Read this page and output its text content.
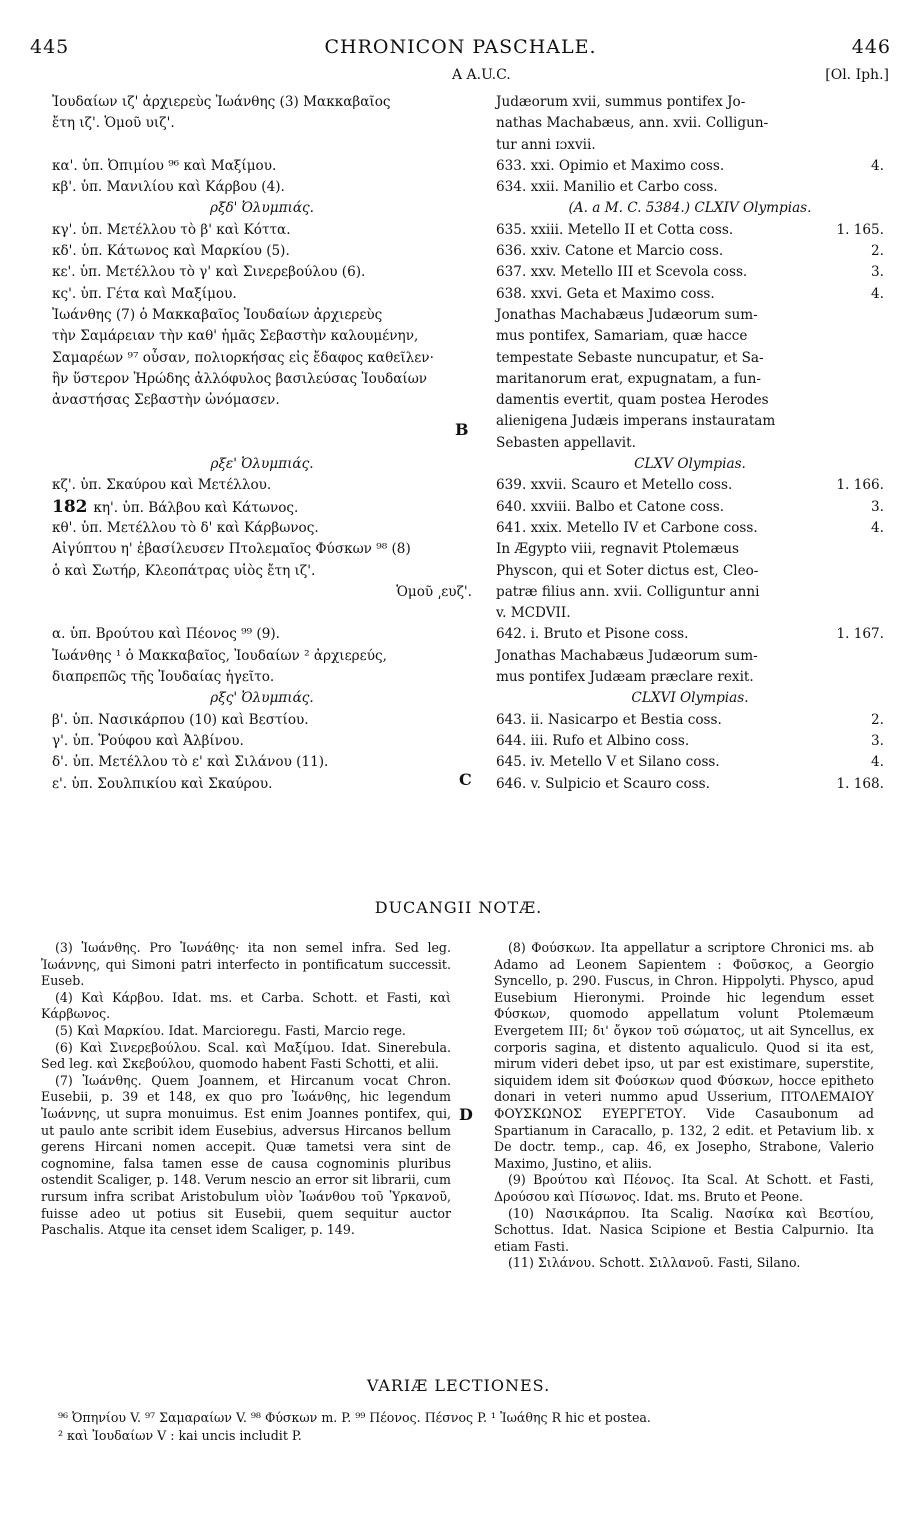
445	CHRONICON PASCHALE.	446
A A.U.C.	[Ol. Iph.]
Ἰουδαίων ιζ' ἀρχιερεὺς Ἰωάνθης (3) Μακκαβαῖος
ἔτη ιζ'. Ὁμοῦ υιζ'.
κα'. ὑπ. Ὀπιμίου ⁹⁶ καὶ Μαξίμου.
κβ'. ὑπ. Μανιλίου καὶ Κάρβου (4).
ρξδ' Ὀλυμπιάς.
κγ'. ὑπ. Μετέλλου τὸ β' καὶ Κόττα.
κδ'. ὑπ. Κάτωνος καὶ Μαρκίου (5).
κε'. ὑπ. Μετέλλου τὸ γ' καὶ Σινερεβούλου (6).
κς'. ὑπ. Γέτα καὶ Μαξίμου.
Ἰωάνθης (7) ὁ Μακκαβαῖος Ἰουδαίων ἀρχιερεὺς
τὴν Σαμάρειαν τὴν καθ' ἡμᾶς Σεβαστὴν καλουμένην,
Σαμαρέων ⁹⁷ οὖσαν, πολιορκήσας εἰς ἔδαφος καθεῖλεν·
ἣν ὕστερον Ἡρώδης ἀλλόφυλος βασιλεύσας Ἰουδαίων
ἀναστήσας Σεβαστὴν ὠνόμασεν.
ρξε' Ὀλυμπιάς.
κζ'. ὑπ. Σκαύρου καὶ Μετέλλου.
182 κη'. ὑπ. Βάλβου καὶ Κάτωνος.
κθ'. ὑπ. Μετέλλου τὸ δ' καὶ Κάρβωνος.
Αἰγύπτου η' ἐβασίλευσεν Πτολεμαῖος Φύσκων ⁹⁸ (8)
ὁ καὶ Σωτήρ, Κλεοπάτρας υἱὸς ἔτη ιζ'.
Ὁμοῦ ͵ευζ'.
α. ὑπ. Βρούτου καὶ Πέονος ⁹⁹ (9).
Ἰωάνθης ¹ ὁ Μακκαβαῖος, Ἰουδαίων ² ἀρχιερεύς,
διαπρεπῶς τῆς Ἰουδαίας ἡγεῖτο.
ρξς' Ὀλυμπιάς.
β'. ὑπ. Νασικάρπου (10) καὶ Βεστίου.
γ'. ὑπ. Ῥούφου καὶ Ἀλβίνου.
δ'. ὑπ. Μετέλλου τὸ ε' καὶ Σιλάνου (11).
ε'. ὑπ. Σουλπικίου καὶ Σκαύρου.
Judæorum xvii, summus pontifex Jo-
nathas Machabæus, ann. xvii. Colligun-
tur anni ɪɔxvii.
633. xxi. Opimio et Maximo coss.	4.
634. xxii. Manilio et Carbo coss.
(A. a M. C. 5384.) CLXIV Olympias.
635. xxiii. Metello II et Cotta coss.	1. 165.
636. xxiv. Catone et Marcio coss.	2.
637. xxv. Metello III et Scevola coss.	3.
638. xxvi. Geta et Maximo coss.	4.
Jonathas Machabæus Judæorum sum-
mus pontifex, Samariam, quæ hacce
tempestate Sebaste nuncupatur, et Sa-
maritanorum erat, expugnatam, a fun-
damentis evertit, quam postea Herodes
alienigena Judæis imperans instauratam
Sebasten appellavit.
CLXV Olympias.
639. xxvii. Scauro et Metello coss.	1. 166.
640. xxviii. Balbo et Catone coss.	3.
641. xxix. Metello IV et Carbone coss.	4.
In Ægypto viii, regnavit Ptolemæus
Physcon, qui et Soter dictus est, Cleo-
patræ filius ann. xvii. Colliguntur anni
v. MCDVII.
642. i. Bruto et Pisone coss.	1. 167.
Jonathas Machabæus Judæorum sum-
mus pontifex Judæam præclare rexit.
CLXVI Olympias.
643. ii. Nasicarpo et Bestia coss.	2.
644. iii. Rufo et Albino coss.	3.
645. iv. Metello V et Silano coss.	4.
646. v. Sulpicio et Scauro coss.	1. 168.
B
C
D
DUCANGII NOTÆ.

(3) Ἰωάνθης. Pro Ἰωνάθης· ita non semel infra. Sed leg. Ἰωάννης, qui Simoni patri interfecto in pontificatum successit. Euseb.

(4) Καὶ Κάρβου. Idat. ms. et Carba. Schott. et Fasti, καὶ Κάρβωνος.

(5) Καὶ Μαρκίου. Idat. Marcioregu. Fasti, Marcio rege.

(6) Καὶ Σινερεβούλου. Scal. καὶ Μαξίμου. Idat. Sinerebula. Sed leg. καὶ Σκεβούλου, quomodo habent Fasti Schotti, et alii.

(7) Ἰωάνθης. Quem Joannem, et Hircanum vocat Chron. Eusebii, p. 39 et 148, ex quo pro Ἰωάνθης, hic legendum Ἰωάννης, ut supra monuimus. Est enim Joannes pontifex, qui, ut paulo ante scribit idem Eusebius, adversus Hircanos bellum gerens Hircani nomen accepit. Quæ tametsi vera sint de cognomine, falsa tamen esse de causa cognominis pluribus ostendit Scaliger, p. 148. Verum nescio an error sit librarii, cum rursum infra scribat Aristobulum υἱὸν Ἰωάνθου τοῦ Ὑρκανοῦ, fuisse adeo ut potius sit Eusebii, quem sequitur auctor Paschalis. Atque ita censet idem Scaliger, p. 149.

(8) Φούσκων. Ita appellatur a scriptore Chronici ms. ab Adamo ad Leonem Sapientem : Φοῦσκος, a Georgio Syncello, p. 290. Fuscus, in Chron. Hippolyti. Physco, apud Eusebium Hieronymi. Proinde hic legendum esset Φύσκων, quomodo appellatum volunt Ptolemæum Evergetem III; δι' ὄγκον τοῦ σώματος, ut ait Syncellus, ex corporis sagina, et distento aqualiculo. Quod si ita est, mirum videri debet ipso, ut par est existimare, superstite, siquidem idem sit Φούσκων quod Φύσκων, hocce epitheto donari in veteri nummo apud Usserium, ΠΤΟΛΕΜΑΙΟΥ ΦΟΥΣΚΩΝΟΣ ΕΥΕΡΓΕΤΟΥ. Vide Casaubonum ad Spartianum in Caracallo, p. 132, 2 edit. et Petavium lib. x De doctr. temp., cap. 46, ex Josepho, Strabone, Valerio Maximo, Justino, et aliis.

(9) Βρούτου καὶ Πέονος. Ita Scal. At Schott. et Fasti, Δρούσου καὶ Πίσωνος. Idat. ms. Bruto et Peone.

(10) Νασικάρπου. Ita Scalig. Νασίκα καὶ Βεστίου, Schottus. Idat. Nasica Scipione et Bestia Calpurnio. Ita etiam Fasti.

(11) Σιλάνου. Schott. Σιλλανοῦ. Fasti, Silano.

VARIÆ LECTIONES.
⁹⁶ Ὀπηνίου V. ⁹⁷ Σαμαραίων V. ⁹⁸ Φύσκων m. P. ⁹⁹ Πέονος. Πέσνος P. ¹ Ἰωάθης R hic et postea.
² καὶ Ἰουδαίων V : kai uncis includit P.
